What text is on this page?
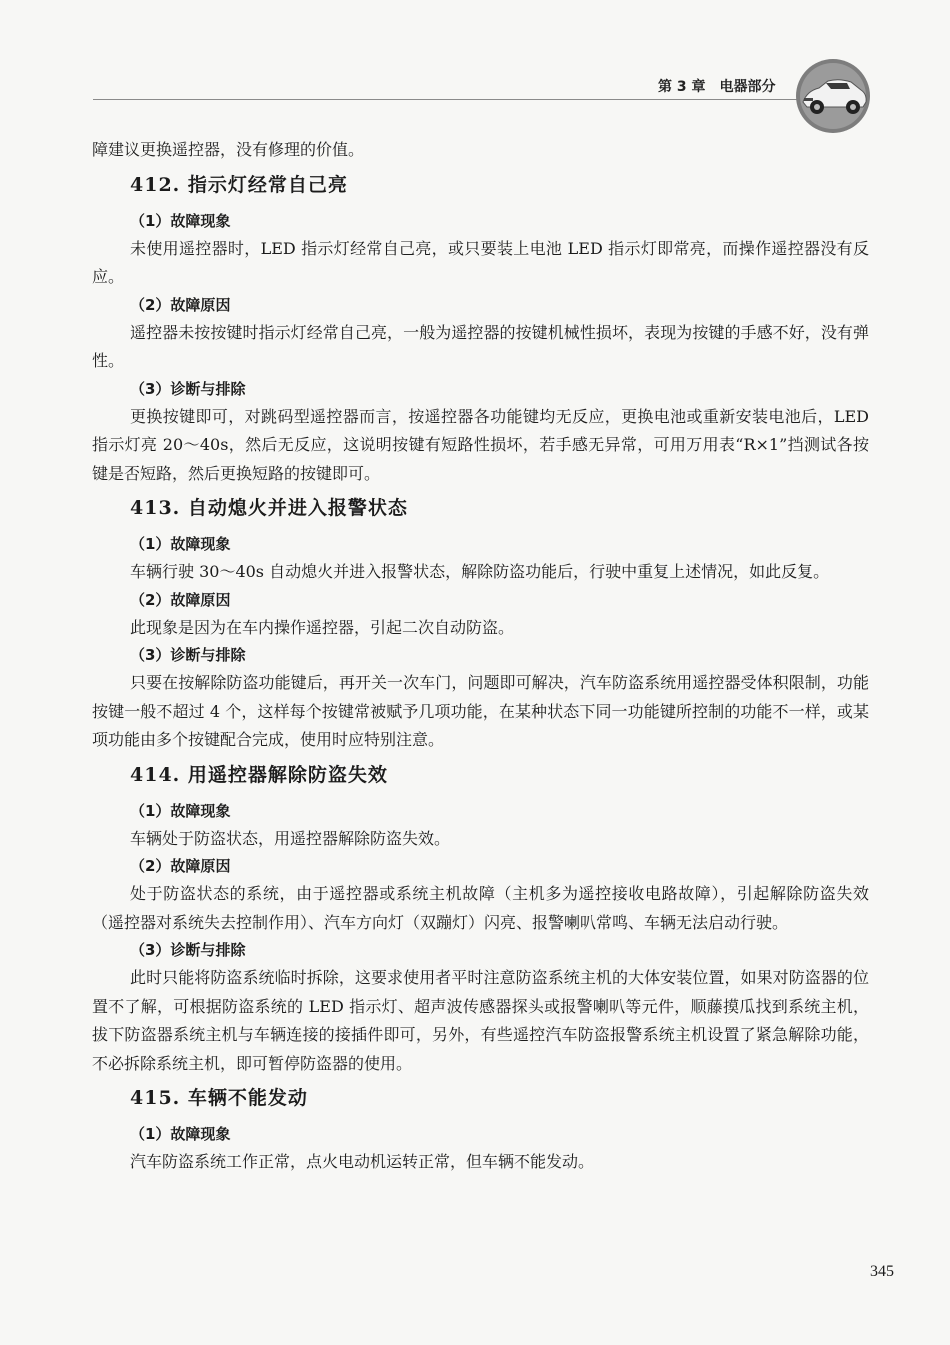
第 3 章　电器部分

障建议更换遥控器，没有修理的价值。

412. 指示灯经常自己亮
（1）故障现象

未使用遥控器时，LED 指示灯经常自己亮，或只要装上电池 LED 指示灯即常亮，而操作遥控器没有反应。

（2）故障原因

遥控器未按按键时指示灯经常自己亮，一般为遥控器的按键机械性损坏，表现为按键的手感不好，没有弹性。

（3）诊断与排除

更换按键即可，对跳码型遥控器而言，按遥控器各功能键均无反应，更换电池或重新安装电池后，LED 指示灯亮 20～40s，然后无反应，这说明按键有短路性损坏，若手感无异常，可用万用表“R×1”挡测试各按键是否短路，然后更换短路的按键即可。

413. 自动熄火并进入报警状态
（1）故障现象

车辆行驶 30～40s 自动熄火并进入报警状态，解除防盗功能后，行驶中重复上述情况，如此反复。

（2）故障原因

此现象是因为在车内操作遥控器，引起二次自动防盗。

（3）诊断与排除

只要在按解除防盗功能键后，再开关一次车门，问题即可解决，汽车防盗系统用遥控器受体积限制，功能按键一般不超过 4 个，这样每个按键常被赋予几项功能，在某种状态下同一功能键所控制的功能不一样，或某项功能由多个按键配合完成，使用时应特别注意。

414. 用遥控器解除防盗失效
（1）故障现象

车辆处于防盗状态，用遥控器解除防盗失效。

（2）故障原因

处于防盗状态的系统，由于遥控器或系统主机故障（主机多为遥控接收电路故障），引起解除防盗失效（遥控器对系统失去控制作用）、汽车方向灯（双蹦灯）闪亮、报警喇叭常鸣、车辆无法启动行驶。

（3）诊断与排除

此时只能将防盗系统临时拆除，这要求使用者平时注意防盗系统主机的大体安装位置，如果对防盗器的位置不了解，可根据防盗系统的 LED 指示灯、超声波传感器探头或报警喇叭等元件，顺藤摸瓜找到系统主机，拔下防盗器系统主机与车辆连接的接插件即可，另外，有些遥控汽车防盗报警系统主机设置了紧急解除功能，不必拆除系统主机，即可暂停防盗器的使用。

415. 车辆不能发动
（1）故障现象

汽车防盗系统工作正常，点火电动机运转正常，但车辆不能发动。

345
